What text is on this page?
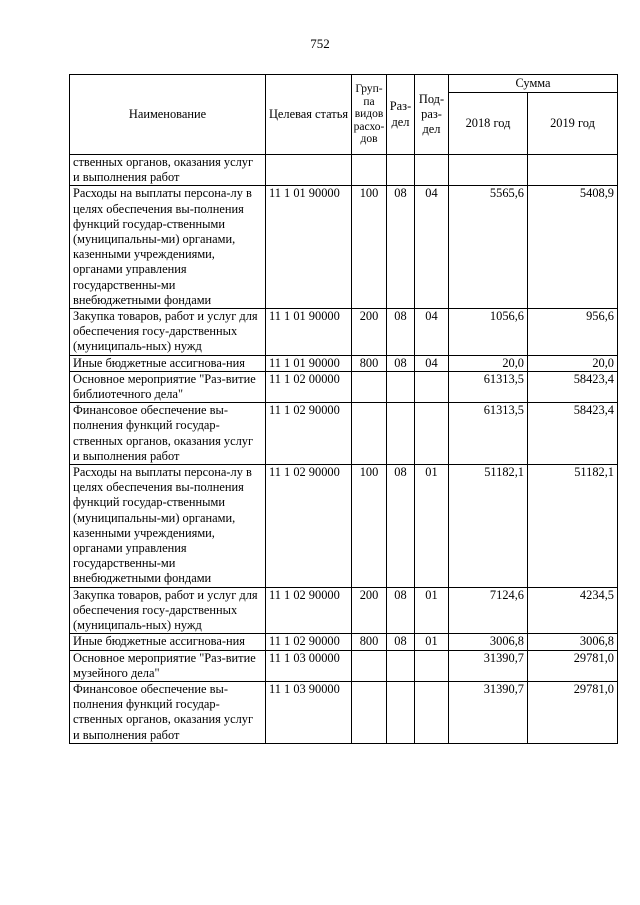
752
Наименование	Целевая статья	Груп-па видов расхо-дов	Раз-дел	Под-раз-дел	Сумма	
					2018 год	2019 год
ственных органов, оказания услуг и выполнения работ						
Расходы на выплаты персона-лу в целях обеспечения вы-полнения функций государ-ственными (муниципальны-ми) органами, казенными учреждениями, органами управления государственны-ми внебюджетными фондами	11 1 01 90000	100	08	04	5565,6	5408,9
Закупка товаров, работ и услуг для обеспечения госу-дарственных (муниципаль-ных) нужд	11 1 01 90000	200	08	04	1056,6	956,6
Иные бюджетные ассигнова-ния	11 1 01 90000	800	08	04	20,0	20,0
Основное мероприятие "Раз-витие библиотечного дела"	11 1 02 00000				61313,5	58423,4
Финансовое обеспечение вы-полнения функций государ-ственных органов, оказания услуг и выполнения работ	11 1 02 90000				61313,5	58423,4
Расходы на выплаты персона-лу в целях обеспечения вы-полнения функций государ-ственными (муниципальны-ми) органами, казенными учреждениями, органами управления государственны-ми внебюджетными фондами	11 1 02 90000	100	08	01	51182,1	51182,1
Закупка товаров, работ и услуг для обеспечения госу-дарственных (муниципаль-ных) нужд	11 1 02 90000	200	08	01	7124,6	4234,5
Иные бюджетные ассигнова-ния	11 1 02 90000	800	08	01	3006,8	3006,8
Основное мероприятие "Раз-витие музейного дела"	11 1 03 00000				31390,7	29781,0
Финансовое обеспечение вы-полнения функций государ-ственных органов, оказания услуг и выполнения работ	11 1 03 90000				31390,7	29781,0
